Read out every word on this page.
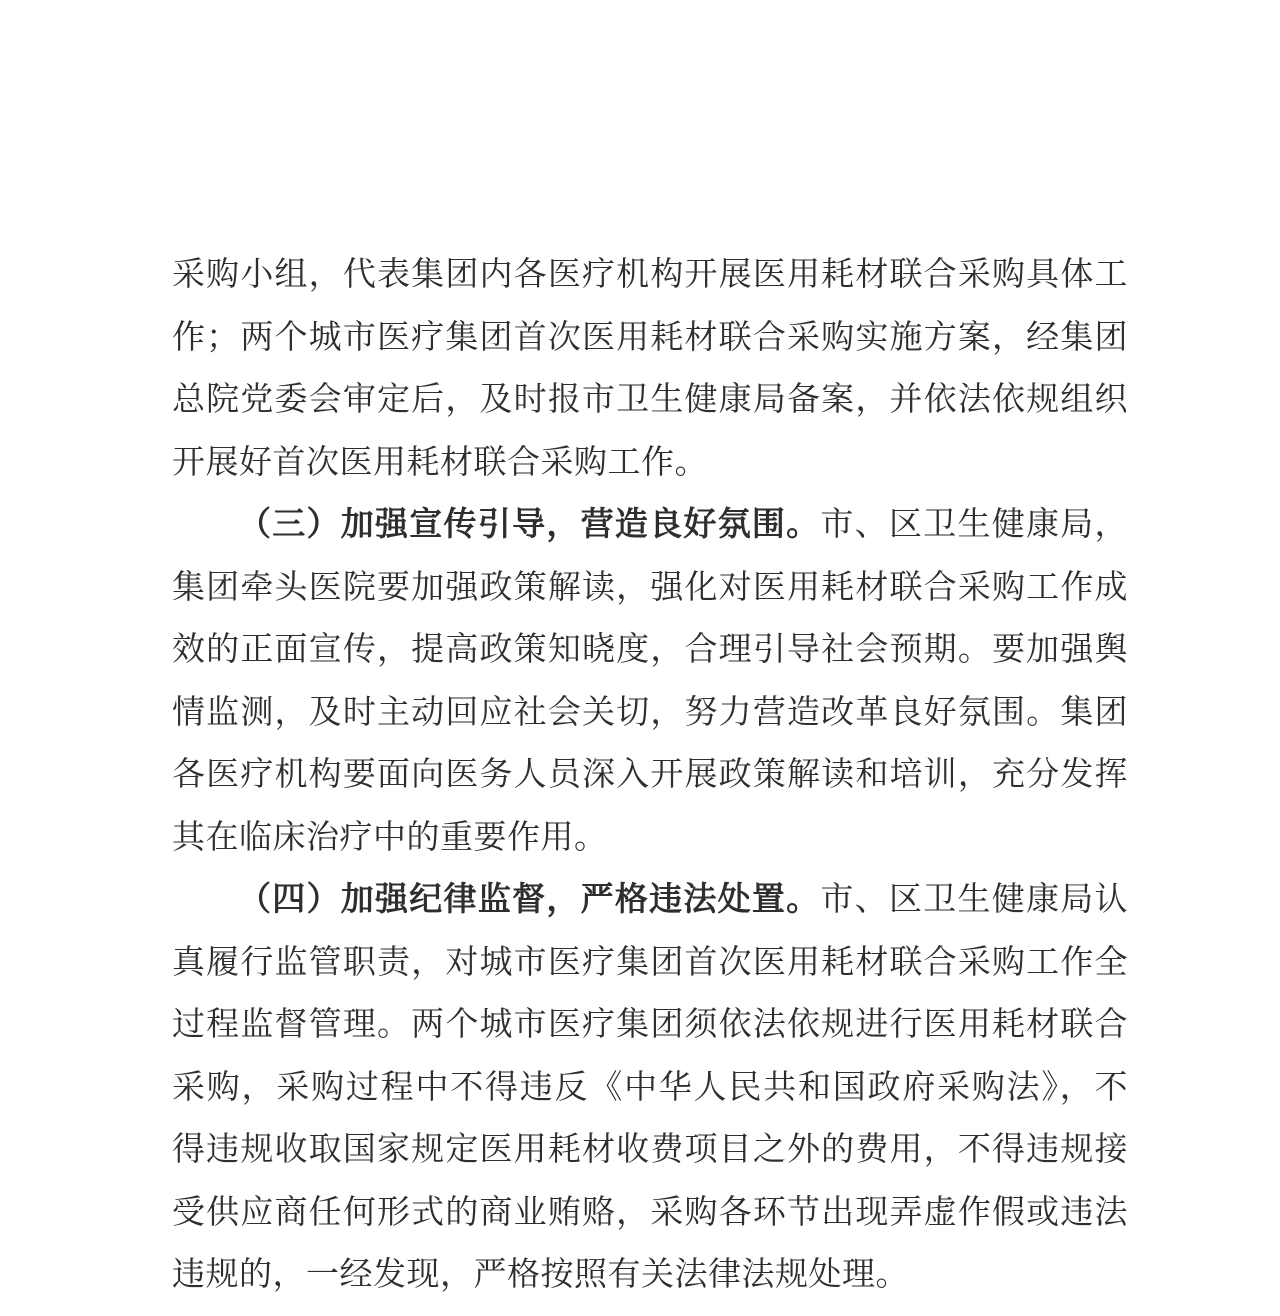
采购小组，代表集团内各医疗机构开展医用耗材联合采购具体工
作；两个城市医疗集团首次医用耗材联合采购实施方案，经集团
总院党委会审定后，及时报市卫生健康局备案，并依法依规组织
开展好首次医用耗材联合采购工作。
（三）加强宣传引导，营造良好氛围。市、区卫生健康局，
集团牵头医院要加强政策解读，强化对医用耗材联合采购工作成
效的正面宣传，提高政策知晓度，合理引导社会预期。要加强舆
情监测，及时主动回应社会关切，努力营造改革良好氛围。集团
各医疗机构要面向医务人员深入开展政策解读和培训，充分发挥
其在临床治疗中的重要作用。
（四）加强纪律监督，严格违法处置。市、区卫生健康局认
真履行监管职责，对城市医疗集团首次医用耗材联合采购工作全
过程监督管理。两个城市医疗集团须依法依规进行医用耗材联合
采购，采购过程中不得违反《中华人民共和国政府采购法》，不
得违规收取国家规定医用耗材收费项目之外的费用，不得违规接
受供应商任何形式的商业贿赂，采购各环节出现弄虚作假或违法
违规的，一经发现，严格按照有关法律法规处理。
